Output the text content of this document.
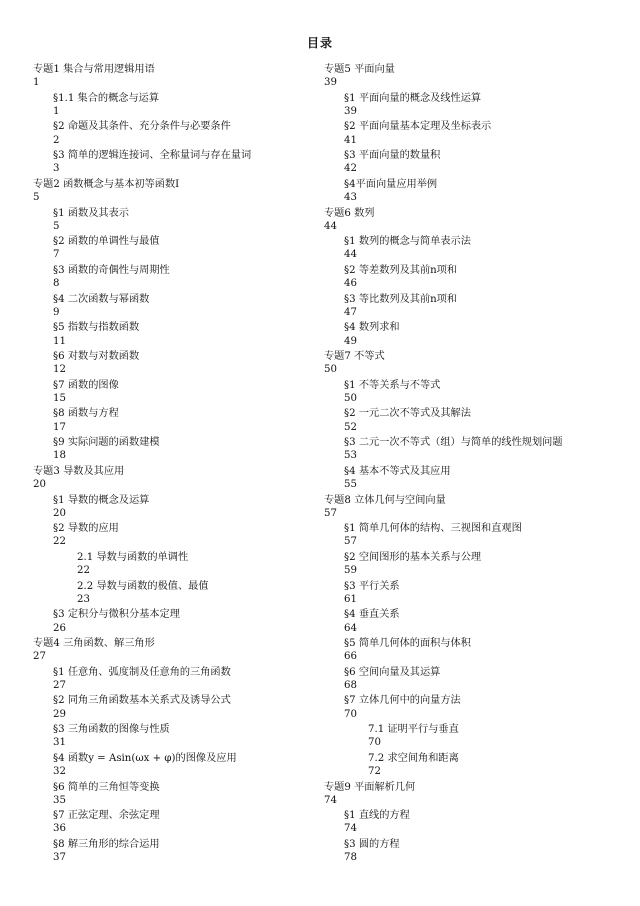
目录
专题1 集合与常用逻辑用语
1
§1.1 集合的概念与运算
1
§2 命题及其条件、充分条件与必要条件
2
§3 简单的逻辑连接词、全称量词与存在量词
3
专题2 函数概念与基本初等函数Ⅰ
5
§1 函数及其表示
5
§2 函数的单调性与最值
7
§3 函数的奇偶性与周期性
8
§4 二次函数与幂函数
9
§5 指数与指数函数
11
§6 对数与对数函数
12
§7 函数的图像
15
§8 函数与方程
17
§9 实际问题的函数建模
18
专题3 导数及其应用
20
§1 导数的概念及运算
20
§2 导数的应用
22
2.1 导数与函数的单调性
22
2.2 导数与函数的极值、最值
23
§3 定积分与微积分基本定理
26
专题4 三角函数、解三角形
27
§1 任意角、弧度制及任意角的三角函数
27
§2 同角三角函数基本关系式及诱导公式
29
§3 三角函数的图像与性质
31
§4 函数y = Asin(ωx + φ)的图像及应用
32
§6 简单的三角恒等变换
35
§7 正弦定理、余弦定理
36
§8 解三角形的综合运用
37
专题5 平面向量
39
§1 平面向量的概念及线性运算
39
§2 平面向量基本定理及坐标表示
41
§3 平面向量的数量积
42
§4平面向量应用举例
43
专题6 数列
44
§1 数列的概念与简单表示法
44
§2 等差数列及其前n项和
46
§3 等比数列及其前n项和
47
§4 数列求和
49
专题7 不等式
50
§1 不等关系与不等式
50
§2 一元二次不等式及其解法
52
§3 二元一次不等式（组）与简单的线性规划问题
53
§4 基本不等式及其应用
55
专题8 立体几何与空间向量
57
§1 简单几何体的结构、三视图和直观图
57
§2 空间图形的基本关系与公理
59
§3 平行关系
61
§4 垂直关系
64
§5 简单几何体的面积与体积
66
§6 空间向量及其运算
68
§7 立体几何中的向量方法
70
7.1 证明平行与垂直
70
7.2 求空间角和距离
72
专题9 平面解析几何
74
§1 直线的方程
74
§3 圆的方程
78
